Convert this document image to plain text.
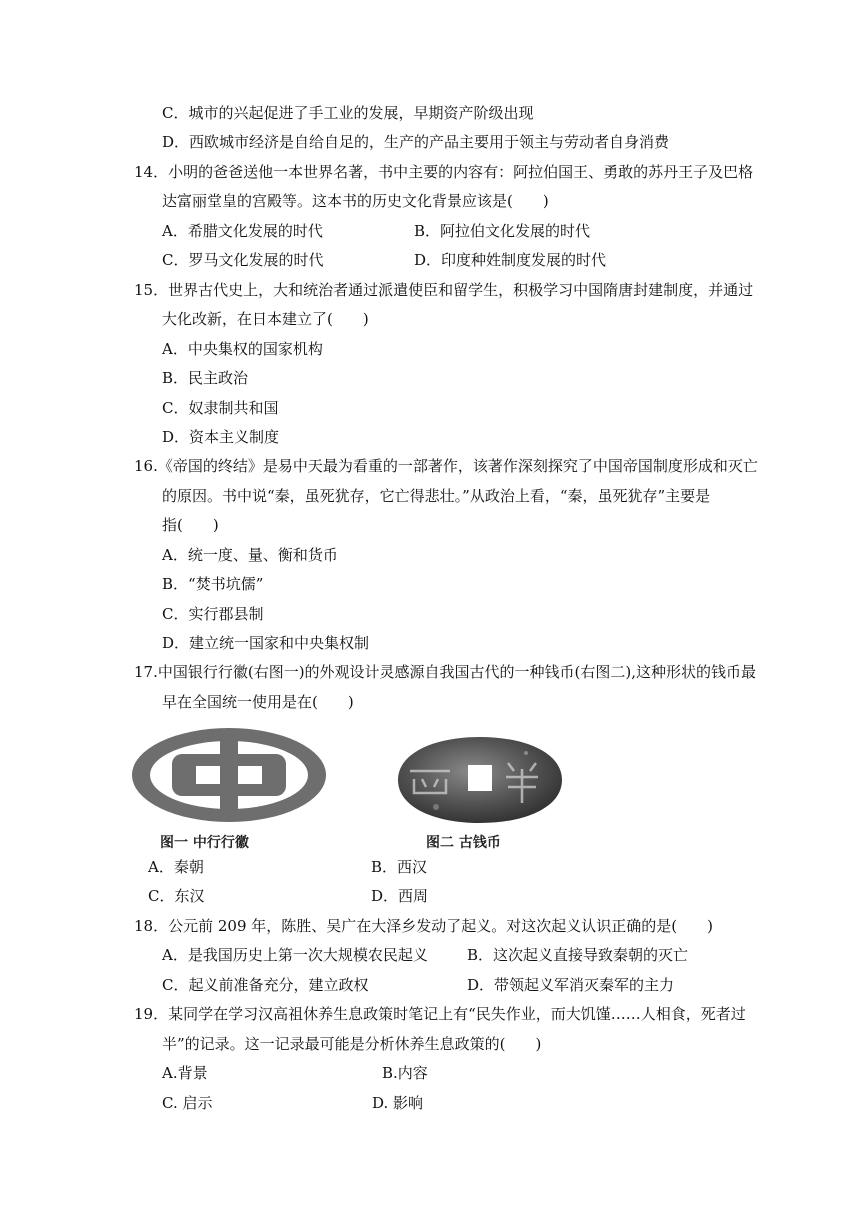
C．城市的兴起促进了手工业的发展，早期资产阶级出现
D．西欧城市经济是自给自足的，生产的产品主要用于领主与劳动者自身消费
14．小明的爸爸送他一本世界名著，书中主要的内容有：阿拉伯国王、勇敢的苏丹王子及巴格
达富丽堂皇的宫殿等。这本书的历史文化背景应该是(　　)
A．希腊文化发展的时代	B．阿拉伯文化发展的时代
C．罗马文化发展的时代	D．印度种姓制度发展的时代
15．世界古代史上，大和统治者通过派遣使臣和留学生，积极学习中国隋唐封建制度，并通过
大化改新，在日本建立了(　　)
A．中央集权的国家机构
B．民主政治
C．奴隶制共和国
D．资本主义制度
16.《帝国的终结》是易中天最为看重的一部著作，该著作深刻探究了中国帝国制度形成和灭亡
的原因。书中说“秦，虽死犹存，它亡得悲壮。”从政治上看，“秦，虽死犹存”主要是
指(　　)
A．统一度、量、衡和货币
B．“焚书坑儒”
C．实行郡县制
D．建立统一国家和中央集权制
17.中国银行行徽(右图一)的外观设计灵感源自我国古代的一种钱币(右图二),这种形状的钱币最
早在全国统一使用是在(　　)
图一 中行行徽	图二 古钱币
A．秦朝	B．西汉
C．东汉	D．西周
18．公元前 209 年，陈胜、吴广在大泽乡发动了起义。对这次起义认识正确的是(　　)
A．是我国历史上第一次大规模农民起义	B．这次起义直接导致秦朝的灭亡
C．起义前准备充分，建立政权	D．带领起义军消灭秦军的主力
19．某同学在学习汉高祖休养生息政策时笔记上有“民失作业，而大饥馑……人相食，死者过
半”的记录。这一记录最可能是分析休养生息政策的(　　)
A.背景	B.内容
C. 启示	D. 影响
